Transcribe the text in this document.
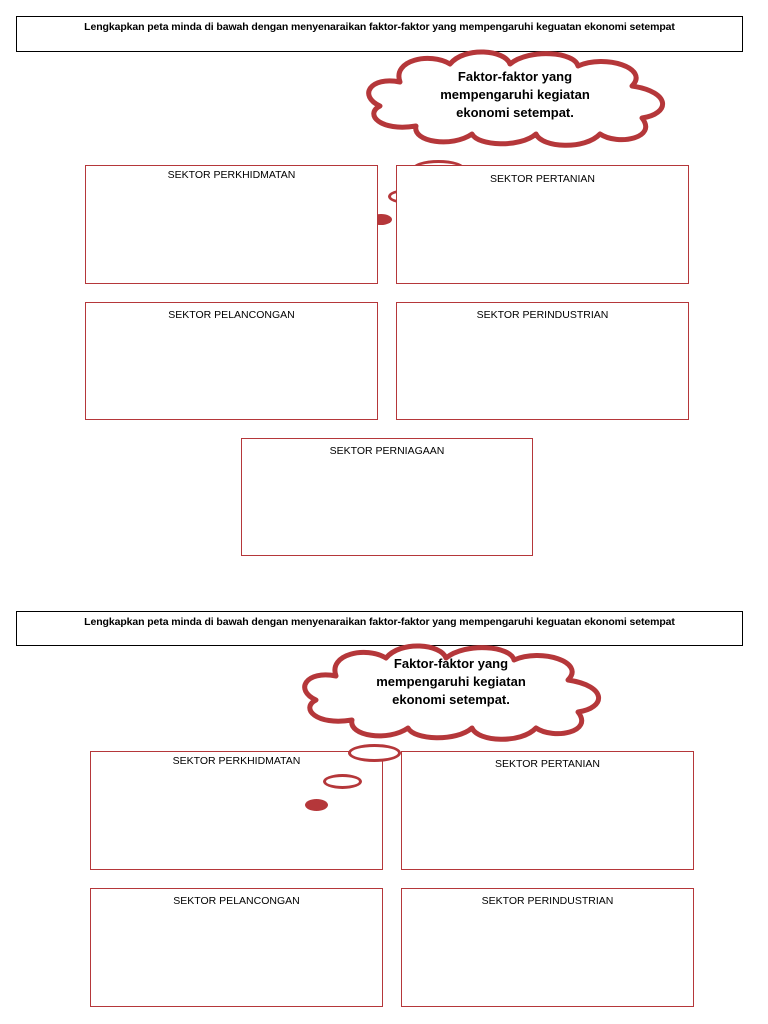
Lengkapkan peta minda di bawah dengan menyenaraikan faktor-faktor yang mempengaruhi keguatan ekonomi setempat
Faktor-faktor yang
mempengaruhi kegiatan
ekonomi setempat.
SEKTOR PERKHIDMATAN	SEKTOR PERTANIAN
SEKTOR PELANCONGAN	SEKTOR PERINDUSTRIAN
SEKTOR PERNIAGAAN
Lengkapkan peta minda di bawah dengan menyenaraikan faktor-faktor yang mempengaruhi keguatan ekonomi setempat
Faktor-faktor yang
mempengaruhi kegiatan
ekonomi setempat.
SEKTOR PERKHIDMATAN	SEKTOR PERTANIAN
SEKTOR PELANCONGAN	SEKTOR PERINDUSTRIAN
